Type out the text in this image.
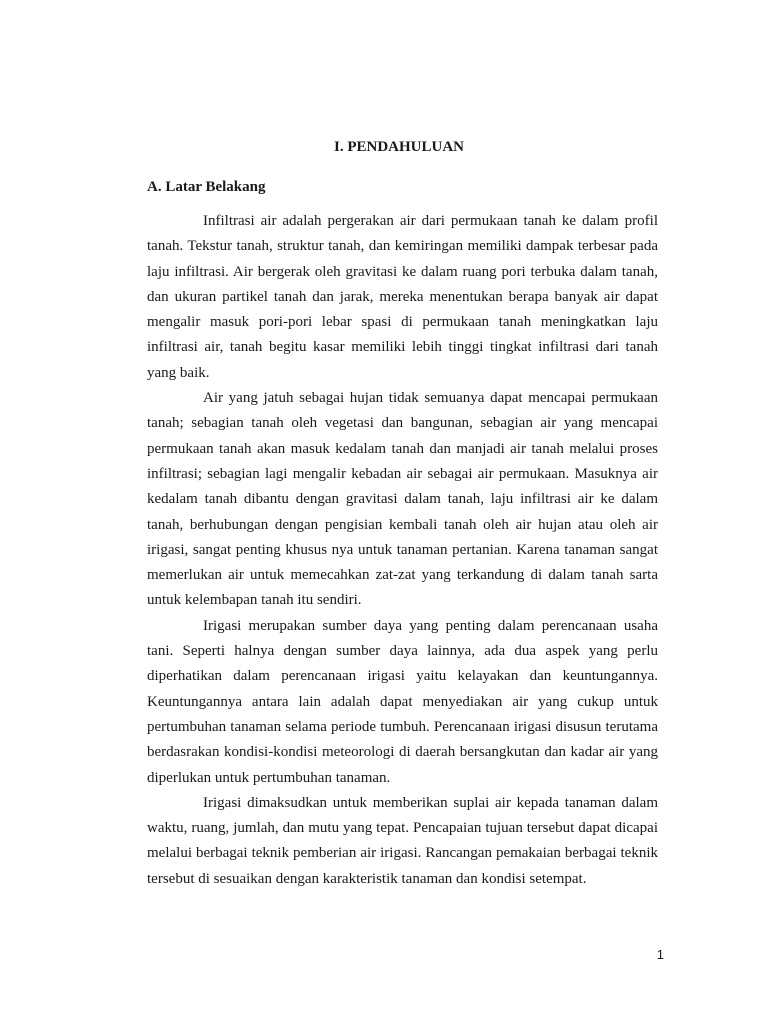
I. PENDAHULUAN
A. Latar Belakang

Infiltrasi air adalah pergerakan air dari permukaan tanah ke dalam profil tanah. Tekstur tanah, struktur tanah, dan kemiringan memiliki dampak terbesar pada laju infiltrasi. Air bergerak oleh gravitasi ke dalam ruang pori terbuka dalam tanah, dan ukuran partikel tanah dan jarak, mereka menentukan berapa banyak air dapat mengalir masuk pori-pori lebar spasi di permukaan tanah meningkatkan laju infiltrasi air, tanah begitu kasar memiliki lebih tinggi tingkat infiltrasi dari tanah yang baik.

Air yang jatuh sebagai hujan tidak semuanya dapat mencapai permukaan tanah; sebagian tanah oleh vegetasi dan bangunan, sebagian air yang mencapai permukaan tanah akan masuk kedalam tanah dan manjadi air tanah melalui proses infiltrasi; sebagian lagi mengalir kebadan air sebagai air permukaan. Masuknya air kedalam tanah dibantu dengan gravitasi dalam tanah, laju infiltrasi air ke dalam tanah, berhubungan dengan pengisian kembali tanah oleh air hujan atau oleh air irigasi, sangat penting khusus nya untuk tanaman pertanian. Karena tanaman sangat memerlukan air untuk memecahkan zat-zat yang terkandung di dalam tanah sarta untuk kelembapan tanah itu sendiri.

Irigasi merupakan sumber daya yang penting dalam perencanaan usaha tani. Seperti halnya dengan sumber daya lainnya, ada dua aspek yang perlu diperhatikan dalam perencanaan irigasi yaitu kelayakan dan keuntungannya. Keuntungannya antara lain adalah dapat menyediakan air yang cukup untuk pertumbuhan tanaman selama periode tumbuh. Perencanaan irigasi disusun terutama berdasrakan kondisi-kondisi meteorologi di daerah bersangkutan dan kadar air yang diperlukan untuk pertumbuhan tanaman.

Irigasi dimaksudkan untuk memberikan suplai air kepada tanaman dalam waktu, ruang, jumlah, dan mutu yang tepat. Pencapaian tujuan tersebut dapat dicapai melalui berbagai teknik pemberian air irigasi. Rancangan pemakaian berbagai teknik tersebut di sesuaikan dengan karakteristik tanaman dan kondisi setempat.

1
